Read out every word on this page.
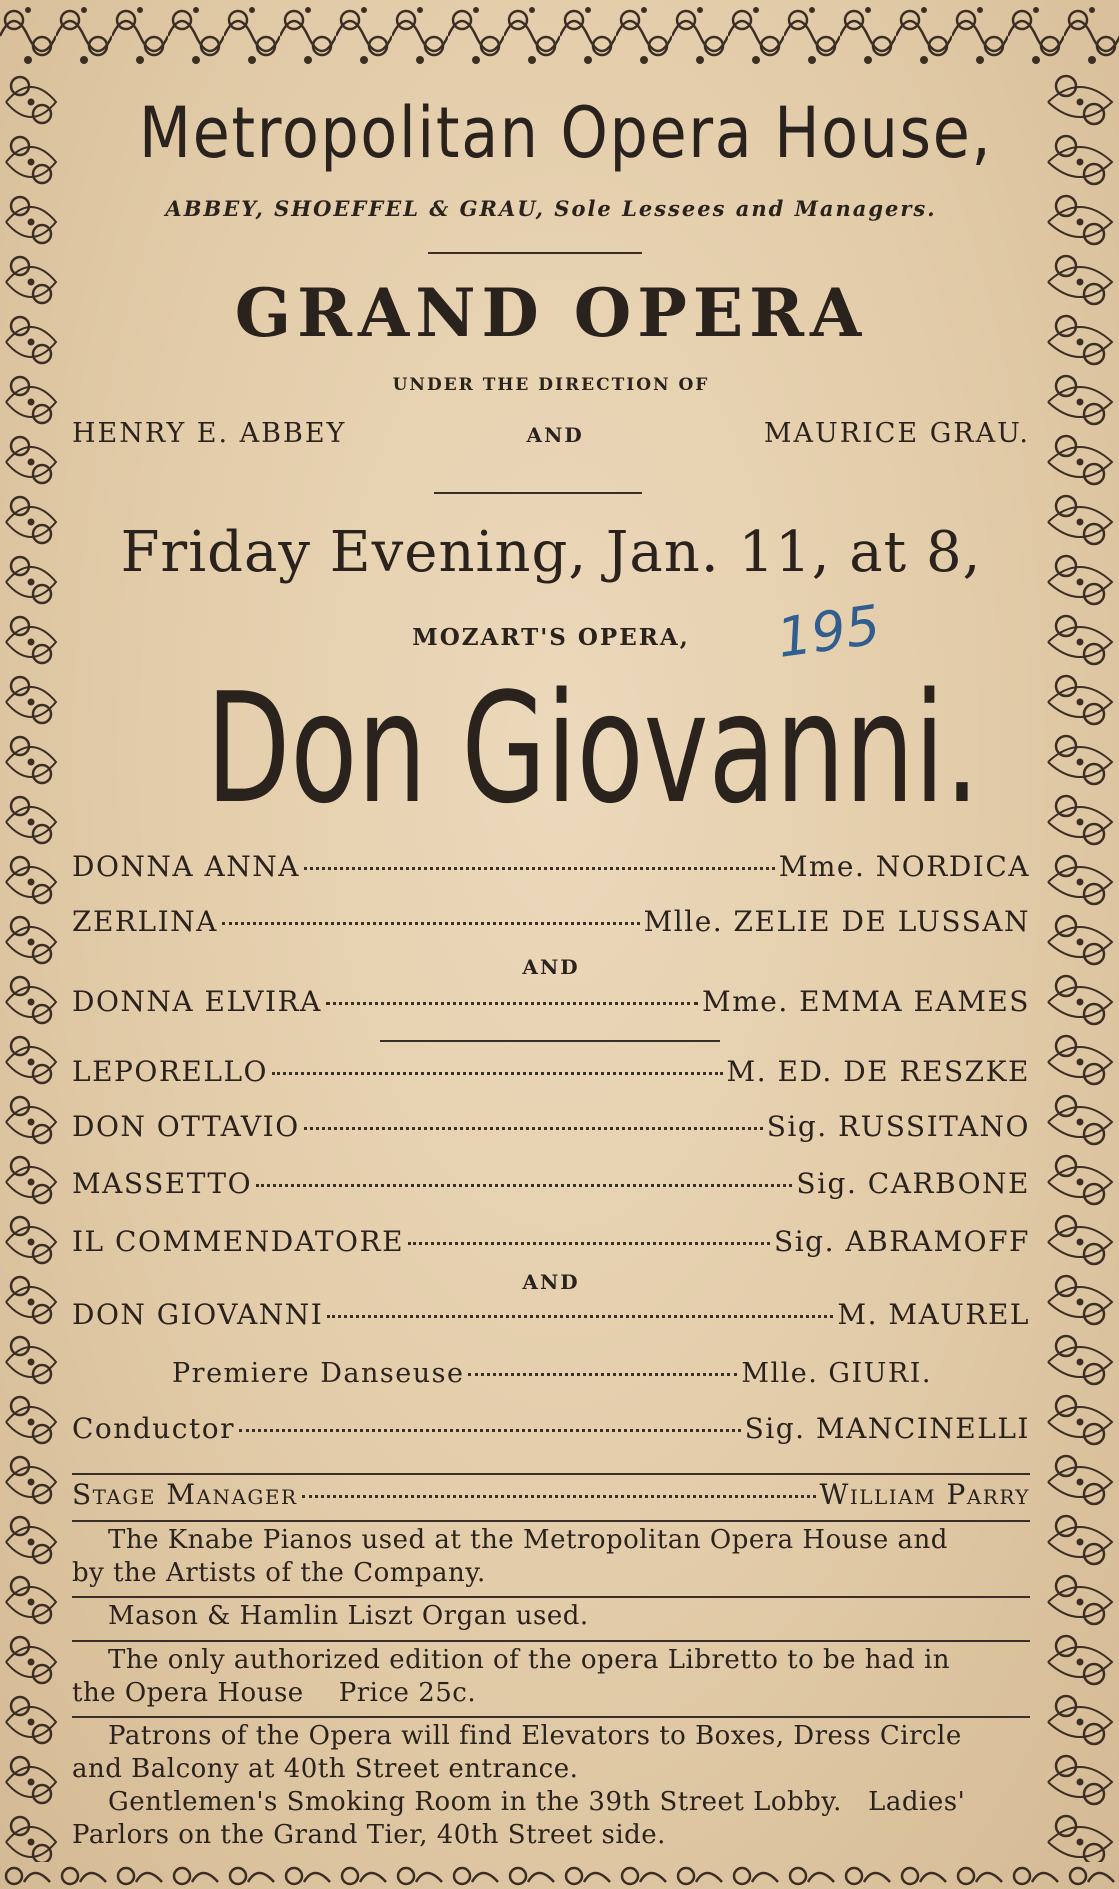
Metropolitan Opera House,
ABBEY, SHOEFFEL & GRAU, Sole Lessees and Managers.
GRAND OPERA
UNDER THE DIRECTION OF
HENRY E. ABBEY	AND	MAURICE GRAU.
Friday Evening, Jan. 11, at 8,
MOZART'S OPERA,	195
Don Giovanni.
DONNA ANNA	Mme. NORDICA
ZERLINA	Mlle. ZELIE DE LUSSAN
AND
DONNA ELVIRA	Mme. EMMA EAMES
LEPORELLO	M. ED. DE RESZKE
DON OTTAVIO	Sig. RUSSITANO
MASSETTO	Sig. CARBONE
IL COMMENDATORE	Sig. ABRAMOFF
AND
DON GIOVANNI	M. MAUREL
Premiere Danseuse	Mlle. GIURI.
Conductor	Sig. MANCINELLI
Stage Manager	William Parry
The Knabe Pianos used at the Metropolitan Opera House and
by the Artists of the Company.
Mason & Hamlin Liszt Organ used.
The only authorized edition of the opera Libretto to be had in
the Opera House    Price 25c.
Patrons of the Opera will find Elevators to Boxes, Dress Circle
and Balcony at 40th Street entrance.
Gentlemen's Smoking Room in the 39th Street Lobby.   Ladies'
Parlors on the Grand Tier, 40th Street side.
